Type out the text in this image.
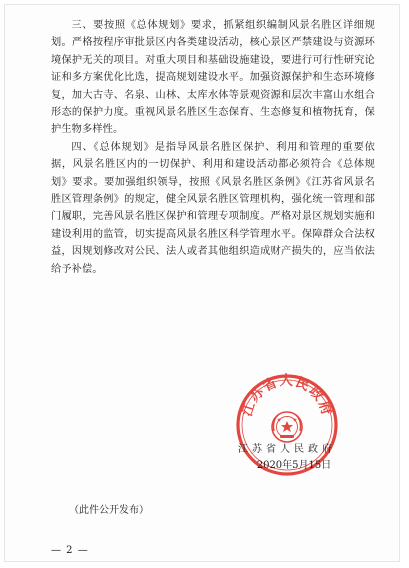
三、要按照《总体规划》要求，抓紧组织编制风景名胜区详细规划。严格按程序审批景区内各类建设活动，核心景区严禁建设与资源环境保护无关的项目。对重大项目和基础设施建设，要进行可行性研究论证和多方案优化比选，提高规划建设水平。加强资源保护和生态环境修复，加大古寺、名泉、山林、太库水体等景观资源和层次丰富山水组合形态的保护力度。重视风景名胜区生态保育、生态修复和植物抚育，保护生物多样性。

四、《总体规划》是指导风景名胜区保护、利用和管理的重要依据，风景名胜区内的一切保护、利用和建设活动都必须符合《总体规划》要求。要加强组织领导，按照《风景名胜区条例》《江苏省风景名胜区管理条例》的规定，健全风景名胜区管理机构，强化统一管理和部门履职，完善风景名胜区保护和管理专项制度。严格对景区规划实施和建设利用的监管，切实提高风景名胜区科学管理水平。保障群众合法权益，因规划修改对公民、法人或者其他组织造成财产损失的，应当依法给予补偿。

江苏省人民政府
江苏省人民政府
2020年5月15日
（此件公开发布）
— 2 —
